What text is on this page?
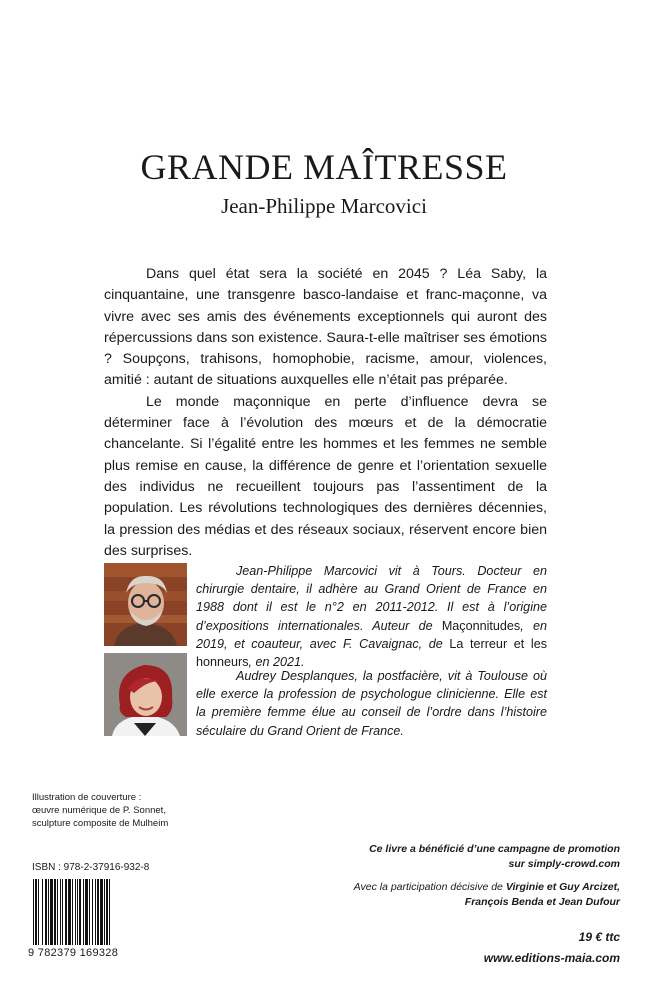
GRANDE MAÎTRESSE
Jean-Philippe Marcovici

Dans quel état sera la société en 2045 ? Léa Saby, la cinquantaine, une transgenre basco-landaise et franc-maçonne, va vivre avec ses amis des événements exceptionnels qui auront des répercussions dans son existence. Saura-t-elle maîtriser ses émotions ? Soupçons, trahisons, homophobie, racisme, amour, violences, amitié : autant de situations auxquelles elle n’était pas préparée.

Le monde maçonnique en perte d’influence devra se déterminer face à l’évolution des mœurs et de la démocratie chancelante. Si l’égalité entre les hommes et les femmes ne semble plus remise en cause, la différence de genre et l’orientation sexuelle des individus ne recueillent toujours pas l’assentiment de la population. Les révolutions technologiques des dernières décennies, la pression des médias et des réseaux sociaux, réservent encore bien des surprises.

Jean-Philippe Marcovici vit à Tours. Docteur en chirurgie dentaire, il adhère au Grand Orient de France en 1988 dont il est le n°2 en 2011-2012. Il est à l’origine d’expositions internationales. Auteur de Maçonnitudes, en 2019, et coauteur, avec F. Cavaignac, de La terreur et les honneurs, en 2021.

Audrey Desplanques, la postfacière, vit à Toulouse où elle exerce la profession de psychologue clinicienne. Elle est la première femme élue au conseil de l’ordre dans l’histoire séculaire du Grand Orient de France.

Illustration de couverture :
œuvre numérique de P. Sonnet,
sculpture composite de Mulheim
ISBN : 978-2-37916-932-8
9 782379 169328
Ce livre a bénéficié d’une campagne de promotion
sur simply-crowd.com
Avec la participation décisive de Virginie et Guy Arcizet,
François Benda et Jean Dufour
19 € ttc
www.editions-maia.com
